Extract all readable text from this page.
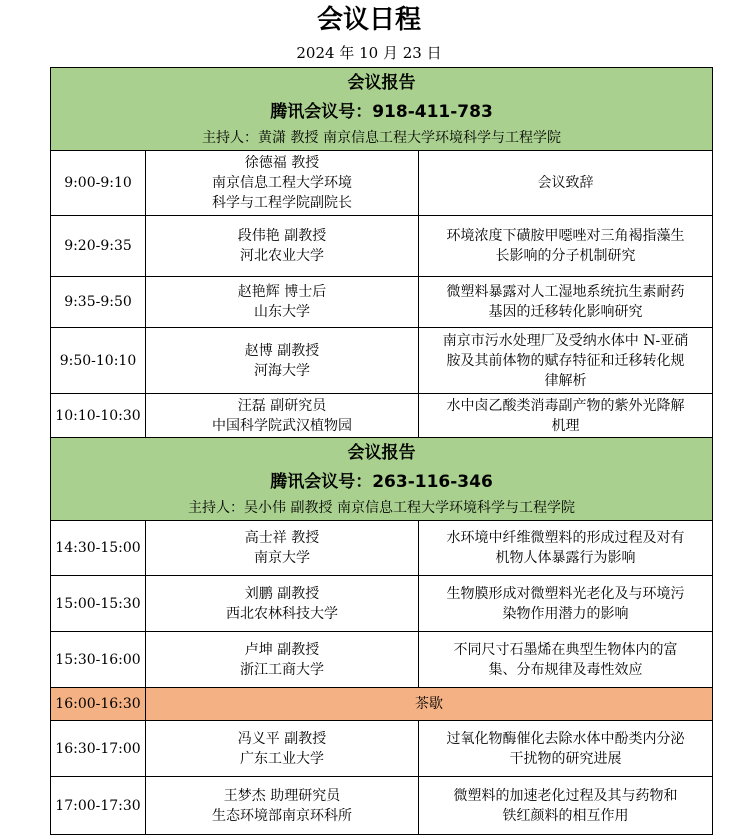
会议日程
2024 年 10 月 23 日
会议报告
腾讯会议号：918-411-783
主持人：黄潇 教授 南京信息工程大学环境科学与工程学院		

9:00-9:10	徐德福 教授
南京信息工程大学环境
科学与工程学院副院长	会议致辞

9:20-9:35	段伟艳 副教授
河北农业大学	环境浓度下磺胺甲噁唑对三角褐指藻生
长影响的分子机制研究

9:35-9:50	赵艳辉 博士后
山东大学	微塑料暴露对人工湿地系统抗生素耐药
基因的迁移转化影响研究

9:50-10:10	赵博 副教授
河海大学	南京市污水处理厂及受纳水体中 N-亚硝
胺及其前体物的赋存特征和迁移转化规
律解析

10:10-10:30	汪磊 副研究员
中国科学院武汉植物园	水中卤乙酸类消毒副产物的紫外光降解
机理

会议报告
腾讯会议号：263-116-346
主持人：吴小伟 副教授 南京信息工程大学环境科学与工程学院		

14:30-15:00	高士祥 教授
南京大学	水环境中纤维微塑料的形成过程及对有
机物人体暴露行为影响

15:00-15:30	刘鹏 副教授
西北农林科技大学	生物膜形成对微塑料光老化及与环境污
染物作用潜力的影响

15:30-16:00	卢坤 副教授
浙江工商大学	不同尺寸石墨烯在典型生物体内的富
集、分布规律及毒性效应

16:00-16:30	茶歇	
16:30-17:00	冯义平 副教授
广东工业大学	过氧化物酶催化去除水体中酚类内分泌
干扰物的研究进展

17:00-17:30	王梦杰 助理研究员
生态环境部南京环科所	微塑料的加速老化过程及其与药物和
铁红颜料的相互作用
